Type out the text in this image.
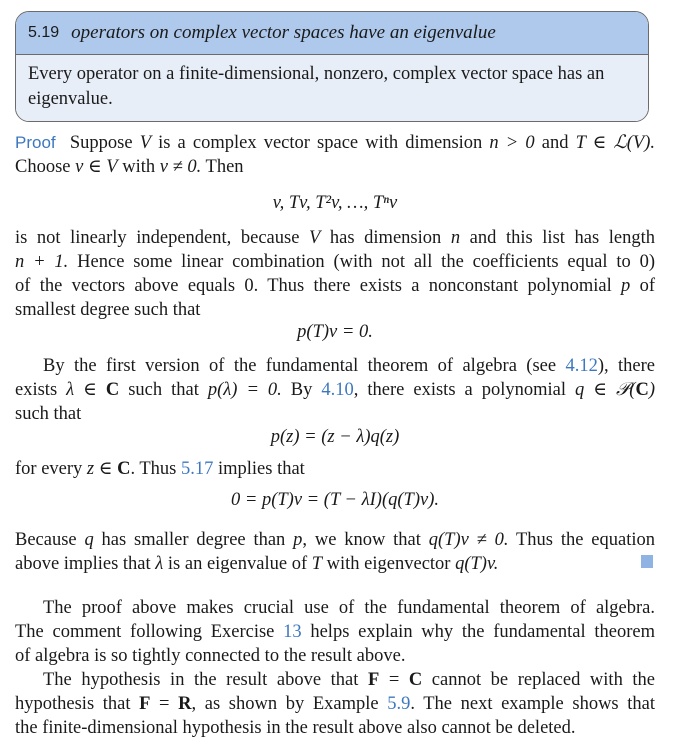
5.19 operators on complex vector spaces have an eigenvalue
Every operator on a finite-dimensional, nonzero, complex vector space has an eigenvalue.
Proof Suppose V is a complex vector space with dimension n > 0 and T ∈ ℒ(V).
Choose v ∈ V with v ≠ 0. Then
v, Tv, T²v, …, Tⁿv
is not linearly independent, because V has dimension n and this list has length
n + 1. Hence some linear combination (with not all the coefficients equal to 0)
of the vectors above equals 0. Thus there exists a nonconstant polynomial p of
smallest degree such that
p(T)v = 0.
By the first version of the fundamental theorem of algebra (see 4.12), there
exists λ ∈ C such that p(λ) = 0. By 4.10, there exists a polynomial q ∈ 𝒫(C)
such that
p(z) = (z − λ)q(z)
for every z ∈ C. Thus 5.17 implies that
0 = p(T)v = (T − λI)(q(T)v).
Because q has smaller degree than p, we know that q(T)v ≠ 0. Thus the equation
above implies that λ is an eigenvalue of T with eigenvector q(T)v.
The proof above makes crucial use of the fundamental theorem of algebra.
The comment following Exercise 13 helps explain why the fundamental theorem
of algebra is so tightly connected to the result above.
The hypothesis in the result above that F = C cannot be replaced with the
hypothesis that F = R, as shown by Example 5.9. The next example shows that
the finite-dimensional hypothesis in the result above also cannot be deleted.
